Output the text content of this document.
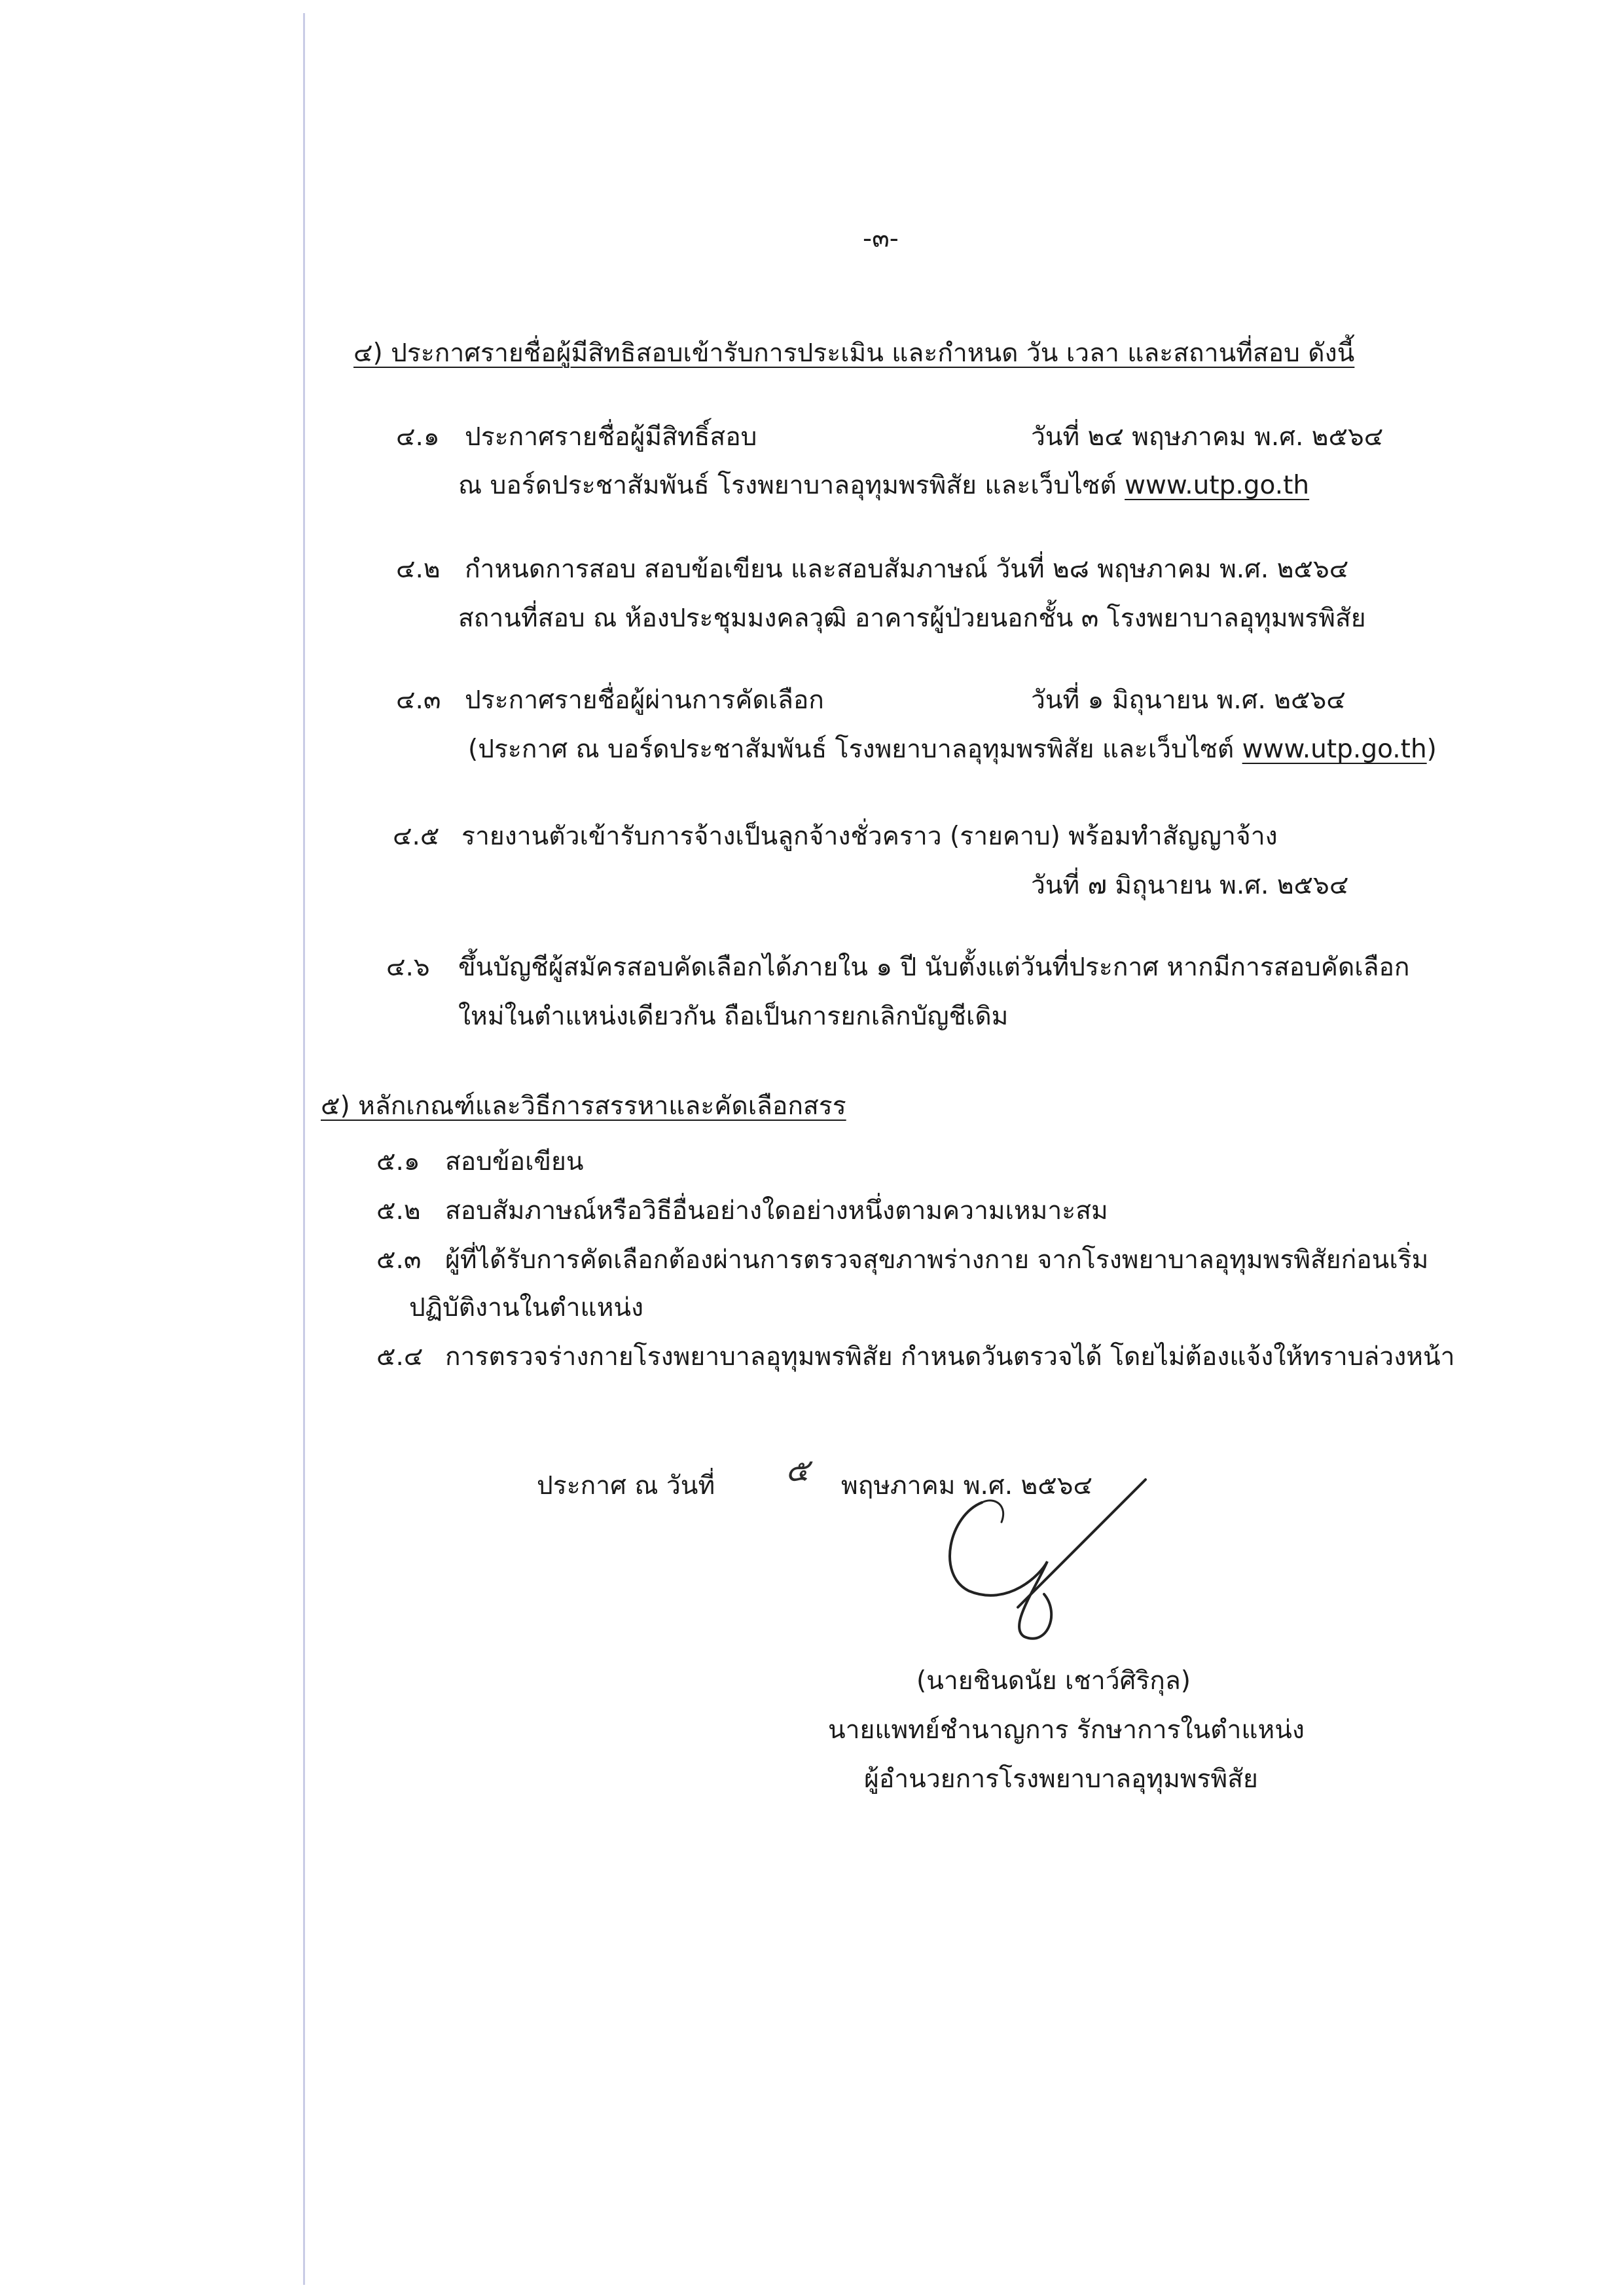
-๓-
๔) ประกาศรายชื่อผู้มีสิทธิสอบเข้ารับการประเมิน และกำหนด วัน เวลา และสถานที่สอบ ดังนี้
๔.๑ ประกาศรายชื่อผู้มีสิทธิ์สอบ	วันที่ ๒๔ พฤษภาคม พ.ศ. ๒๕๖๔
ณ บอร์ดประชาสัมพันธ์ โรงพยาบาลอุทุมพรพิสัย และเว็บไซต์ www.utp.go.th
๔.๒ กำหนดการสอบ สอบข้อเขียน และสอบสัมภาษณ์ วันที่ ๒๘ พฤษภาคม พ.ศ. ๒๕๖๔
สถานที่สอบ ณ ห้องประชุมมงคลวุฒิ อาคารผู้ป่วยนอกชั้น ๓ โรงพยาบาลอุทุมพรพิสัย
๔.๓ ประกาศรายชื่อผู้ผ่านการคัดเลือก	วันที่ ๑ มิถุนายน พ.ศ. ๒๕๖๔
(ประกาศ ณ บอร์ดประชาสัมพันธ์ โรงพยาบาลอุทุมพรพิสัย และเว็บไซต์ www.utp.go.th)
๔.๕ รายงานตัวเข้ารับการจ้างเป็นลูกจ้างชั่วคราว (รายคาบ) พร้อมทำสัญญาจ้าง
วันที่ ๗ มิถุนายน พ.ศ. ๒๕๖๔
๔.๖ ขึ้นบัญชีผู้สมัครสอบคัดเลือกได้ภายใน ๑ ปี นับตั้งแต่วันที่ประกาศ หากมีการสอบคัดเลือก
ใหม่ในตำแหน่งเดียวกัน ถือเป็นการยกเลิกบัญชีเดิม
๕) หลักเกณฑ์และวิธีการสรรหาและคัดเลือกสรร
๕.๑ สอบข้อเขียน
๕.๒ สอบสัมภาษณ์หรือวิธีอื่นอย่างใดอย่างหนึ่งตามความเหมาะสม
๕.๓ ผู้ที่ได้รับการคัดเลือกต้องผ่านการตรวจสุขภาพร่างกาย จากโรงพยาบาลอุทุมพรพิสัยก่อนเริ่ม
ปฏิบัติงานในตำแหน่ง
๕.๔ การตรวจร่างกายโรงพยาบาลอุทุมพรพิสัย กำหนดวันตรวจได้ โดยไม่ต้องแจ้งให้ทราบล่วงหน้า
ประกาศ ณ วันที่ ๕ พฤษภาคม พ.ศ. ๒๕๖๔
(นายชินดนัย เชาว์ศิริกุล)
นายแพทย์ชำนาญการ รักษาการในตำแหน่ง
ผู้อำนวยการโรงพยาบาลอุทุมพรพิสัย
